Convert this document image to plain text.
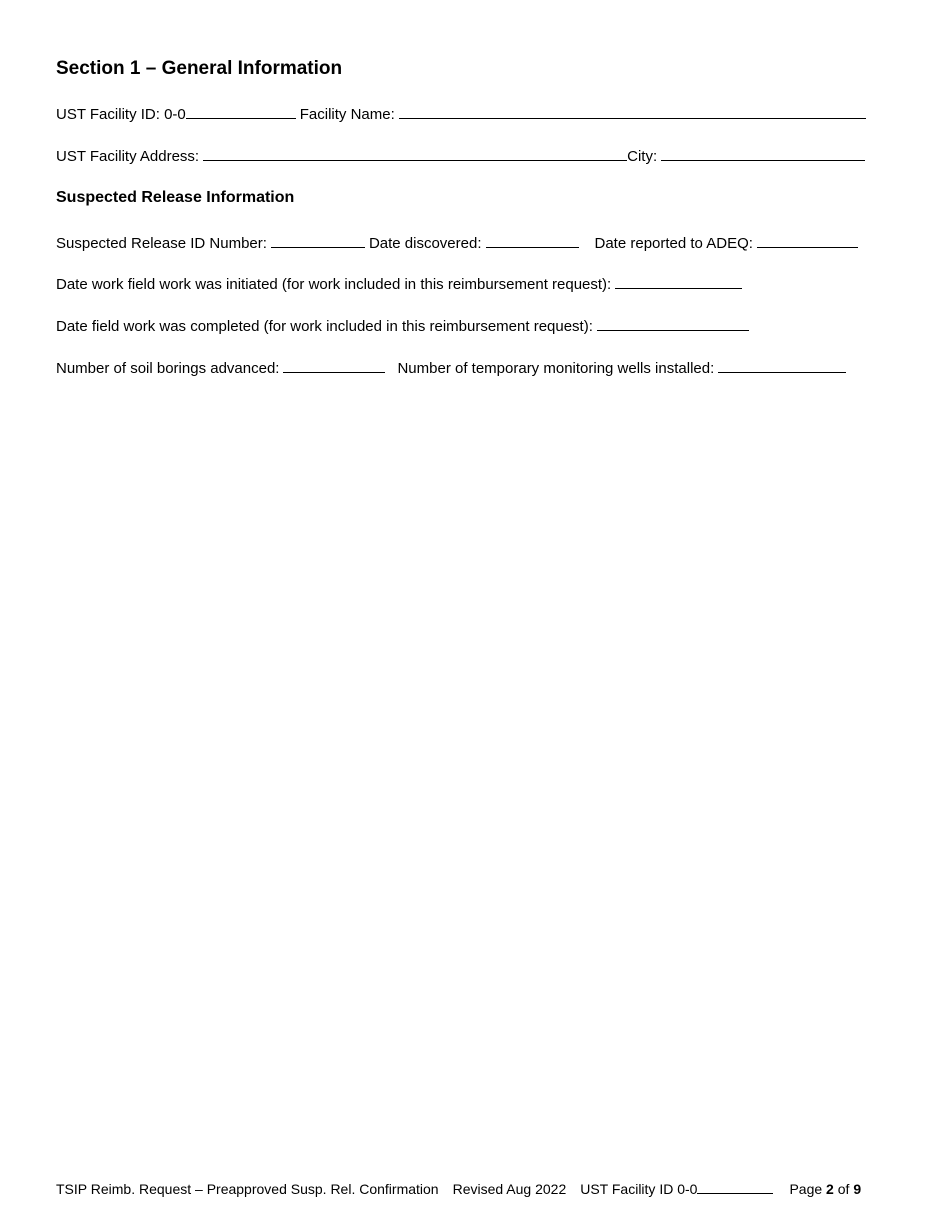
Section 1 – General Information
UST Facility ID: 0-0	Facility Name:
UST Facility Address:	City:
Suspected Release Information
Suspected Release ID Number:	Date discovered:	Date reported to ADEQ:
Date work field work was initiated (for work included in this reimbursement request):
Date field work was completed (for work included in this reimbursement request):
Number of soil borings advanced:	Number of temporary monitoring wells installed:
TSIP Reimb. Request – Preapproved Susp. Rel. Confirmation Revised Aug 2022 UST Facility ID 0-0	Page
2
of
9
